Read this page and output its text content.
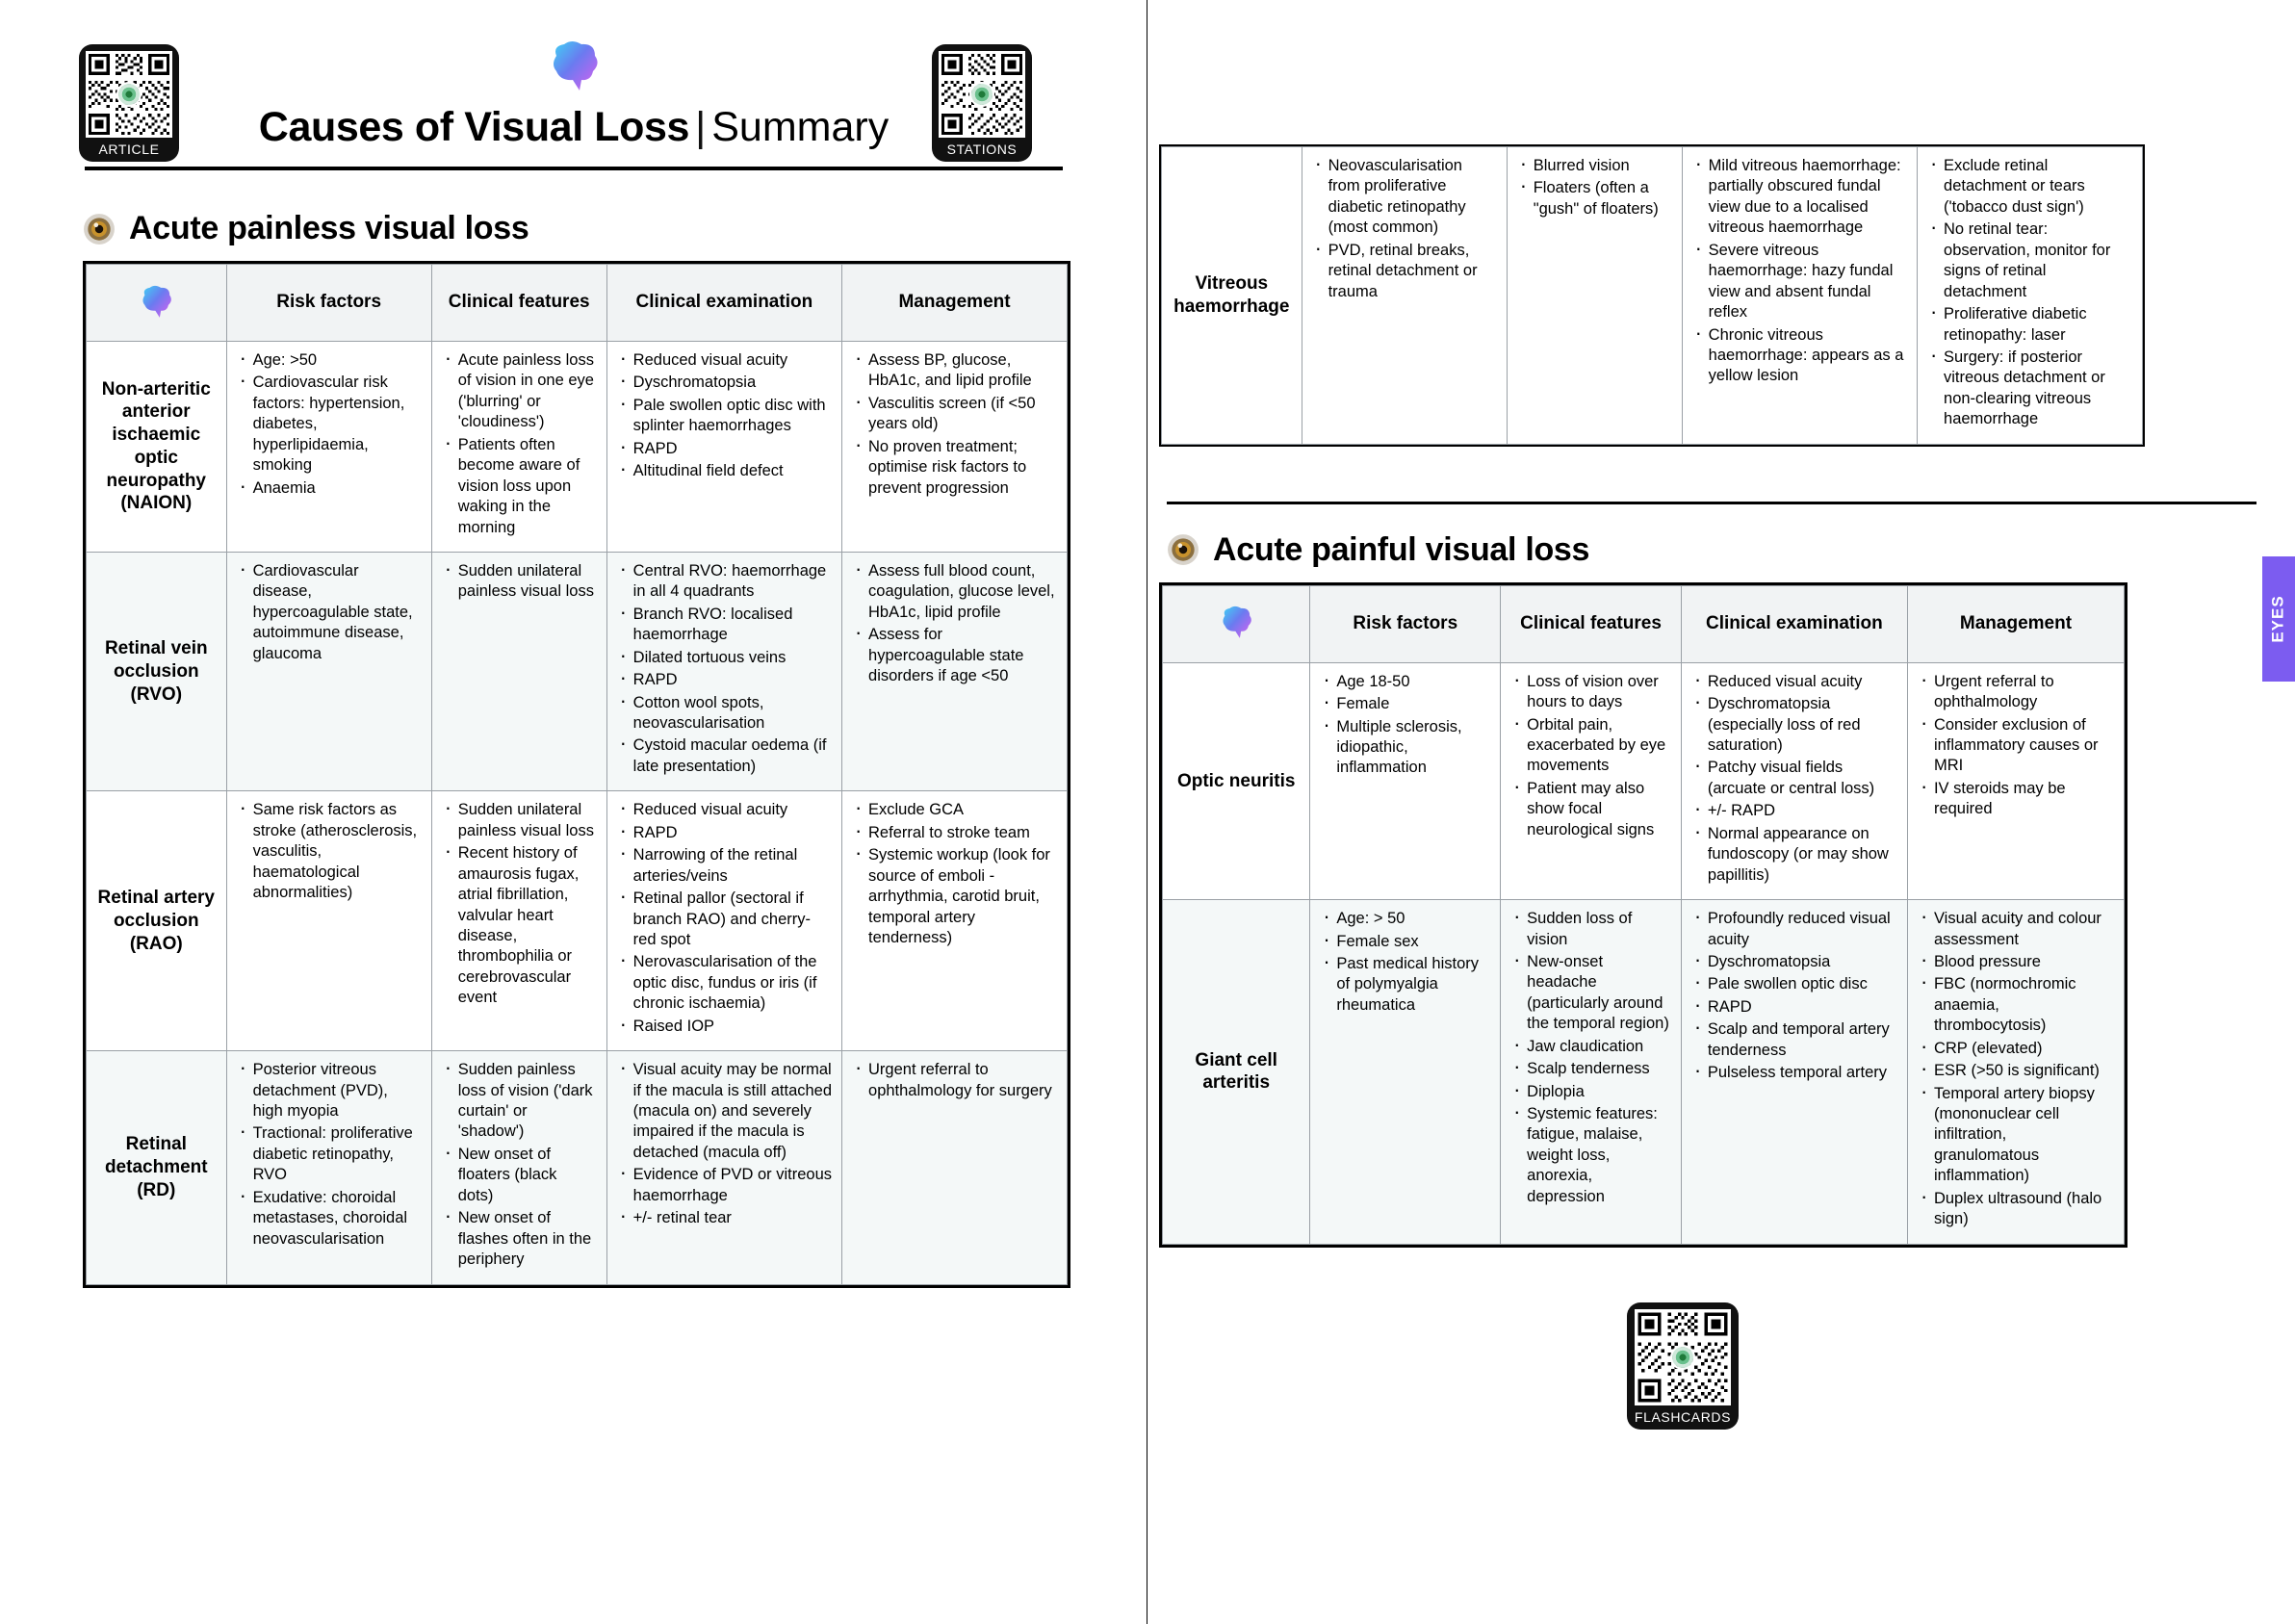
ARTICLE	STATIONS
Causes of Visual Loss | Summary
Acute painless visual loss
	Risk factors	Clinical features	Clinical examination	Management
Non-arteritic anterior ischaemic optic neuropathy (NAION)	
· Age: >50
· Cardiovascular risk factors: hypertension, diabetes, hyperlipidaemia, smoking
· Anaemia

· Acute painless loss of vision in one eye ('blurring' or 'cloudiness')
· Patients often become aware of vision loss upon waking in the morning

· Reduced visual acuity
· Dyschromatopsia
· Pale swollen optic disc with splinter haemorrhages
· RAPD
· Altitudinal field defect

· Assess BP, glucose, HbA1c, and lipid profile
· Vasculitis screen (if <50 years old)
· No proven treatment; optimise risk factors to prevent progression

Retinal vein occlusion (RVO)	
· Cardiovascular disease, hypercoagulable state, autoimmune disease, glaucoma

· Sudden unilateral painless visual loss

· Central RVO: haemorrhage in all 4 quadrants
· Branch RVO: localised haemorrhage
· Dilated tortuous veins
· RAPD
· Cotton wool spots, neovascularisation
· Cystoid macular oedema (if late presentation)

· Assess full blood count, coagulation, glucose level, HbA1c, lipid profile
· Assess for hypercoagulable state disorders if age <50

Retinal artery occlusion (RAO)	
· Same risk factors as stroke (atherosclerosis, vasculitis, haematological abnormalities)

· Sudden unilateral painless visual loss
· Recent history of amaurosis fugax, atrial fibrillation, valvular heart disease, thrombophilia or cerebrovascular event

· Reduced visual acuity
· RAPD
· Narrowing of the retinal arteries/veins
· Retinal pallor (sectoral if branch RAO) and cherry-red spot
· Nerovascularisation of the optic disc, fundus or iris (if chronic ischaemia)
· Raised IOP

· Exclude GCA
· Referral to stroke team
· Systemic workup (look for source of emboli - arrhythmia, carotid bruit, temporal artery tenderness)

Retinal detachment (RD)	
· Posterior vitreous detachment (PVD), high myopia
· Tractional: proliferative diabetic retinopathy, RVO
· Exudative: choroidal metastases, choroidal neovascularisation

· Sudden painless loss of vision ('dark curtain' or 'shadow')
· New onset of floaters (black dots)
· New onset of flashes often in the periphery

· Visual acuity may be normal if the macula is still attached (macula on) and severely impaired if the macula is detached (macula off)
· Evidence of PVD or vitreous haemorrhage
· +/- retinal tear

· Urgent referral to ophthalmology for surgery
Vitreous haemorrhage	
· Neovascularisation from proliferative diabetic retinopathy (most common)
· PVD, retinal breaks, retinal detachment or trauma

· Blurred vision
· Floaters (often a "gush" of floaters)

· Mild vitreous haemorrhage: partially obscured fundal view due to a localised vitreous haemorrhage
· Severe vitreous haemorrhage: hazy fundal view and absent fundal reflex
· Chronic vitreous haemorrhage: appears as a yellow lesion

· Exclude retinal detachment or tears ('tobacco dust sign')
· No retinal tear: observation, monitor for signs of retinal detachment
· Proliferative diabetic retinopathy: laser
· Surgery: if posterior vitreous detachment or non-clearing vitreous haemorrhage
Acute painful visual loss
	Risk factors	Clinical features	Clinical examination	Management
Optic neuritis	
· Age 18-50
· Female
· Multiple sclerosis, idiopathic, inflammation

· Loss of vision over hours to days
· Orbital pain, exacerbated by eye movements
· Patient may also show focal neurological signs

· Reduced visual acuity
· Dyschromatopsia (especially loss of red saturation)
· Patchy visual fields (arcuate or central loss)
· +/- RAPD
· Normal appearance on fundoscopy (or may show papillitis)

· Urgent referral to ophthalmology
· Consider exclusion of inflammatory causes or MRI
· IV steroids may be required

Giant cell arteritis	
· Age: > 50
· Female sex
· Past medical history of polymyalgia rheumatica

· Sudden loss of vision
· New-onset headache (particularly around the temporal region)
· Jaw claudication
· Scalp tenderness
· Diplopia
· Systemic features: fatigue, malaise, weight loss, anorexia, depression

· Profoundly reduced visual acuity
· Dyschromatopsia
· Pale swollen optic disc
· RAPD
· Scalp and temporal artery tenderness
· Pulseless temporal artery

· Visual acuity and colour assessment
· Blood pressure
· FBC (normochromic anaemia, thrombocytosis)
· CRP (elevated)
· ESR (>50 is significant)
· Temporal artery biopsy (mononuclear cell infiltration, granulomatous inflammation)
· Duplex ultrasound (halo sign)
FLASHCARDS
EYES
